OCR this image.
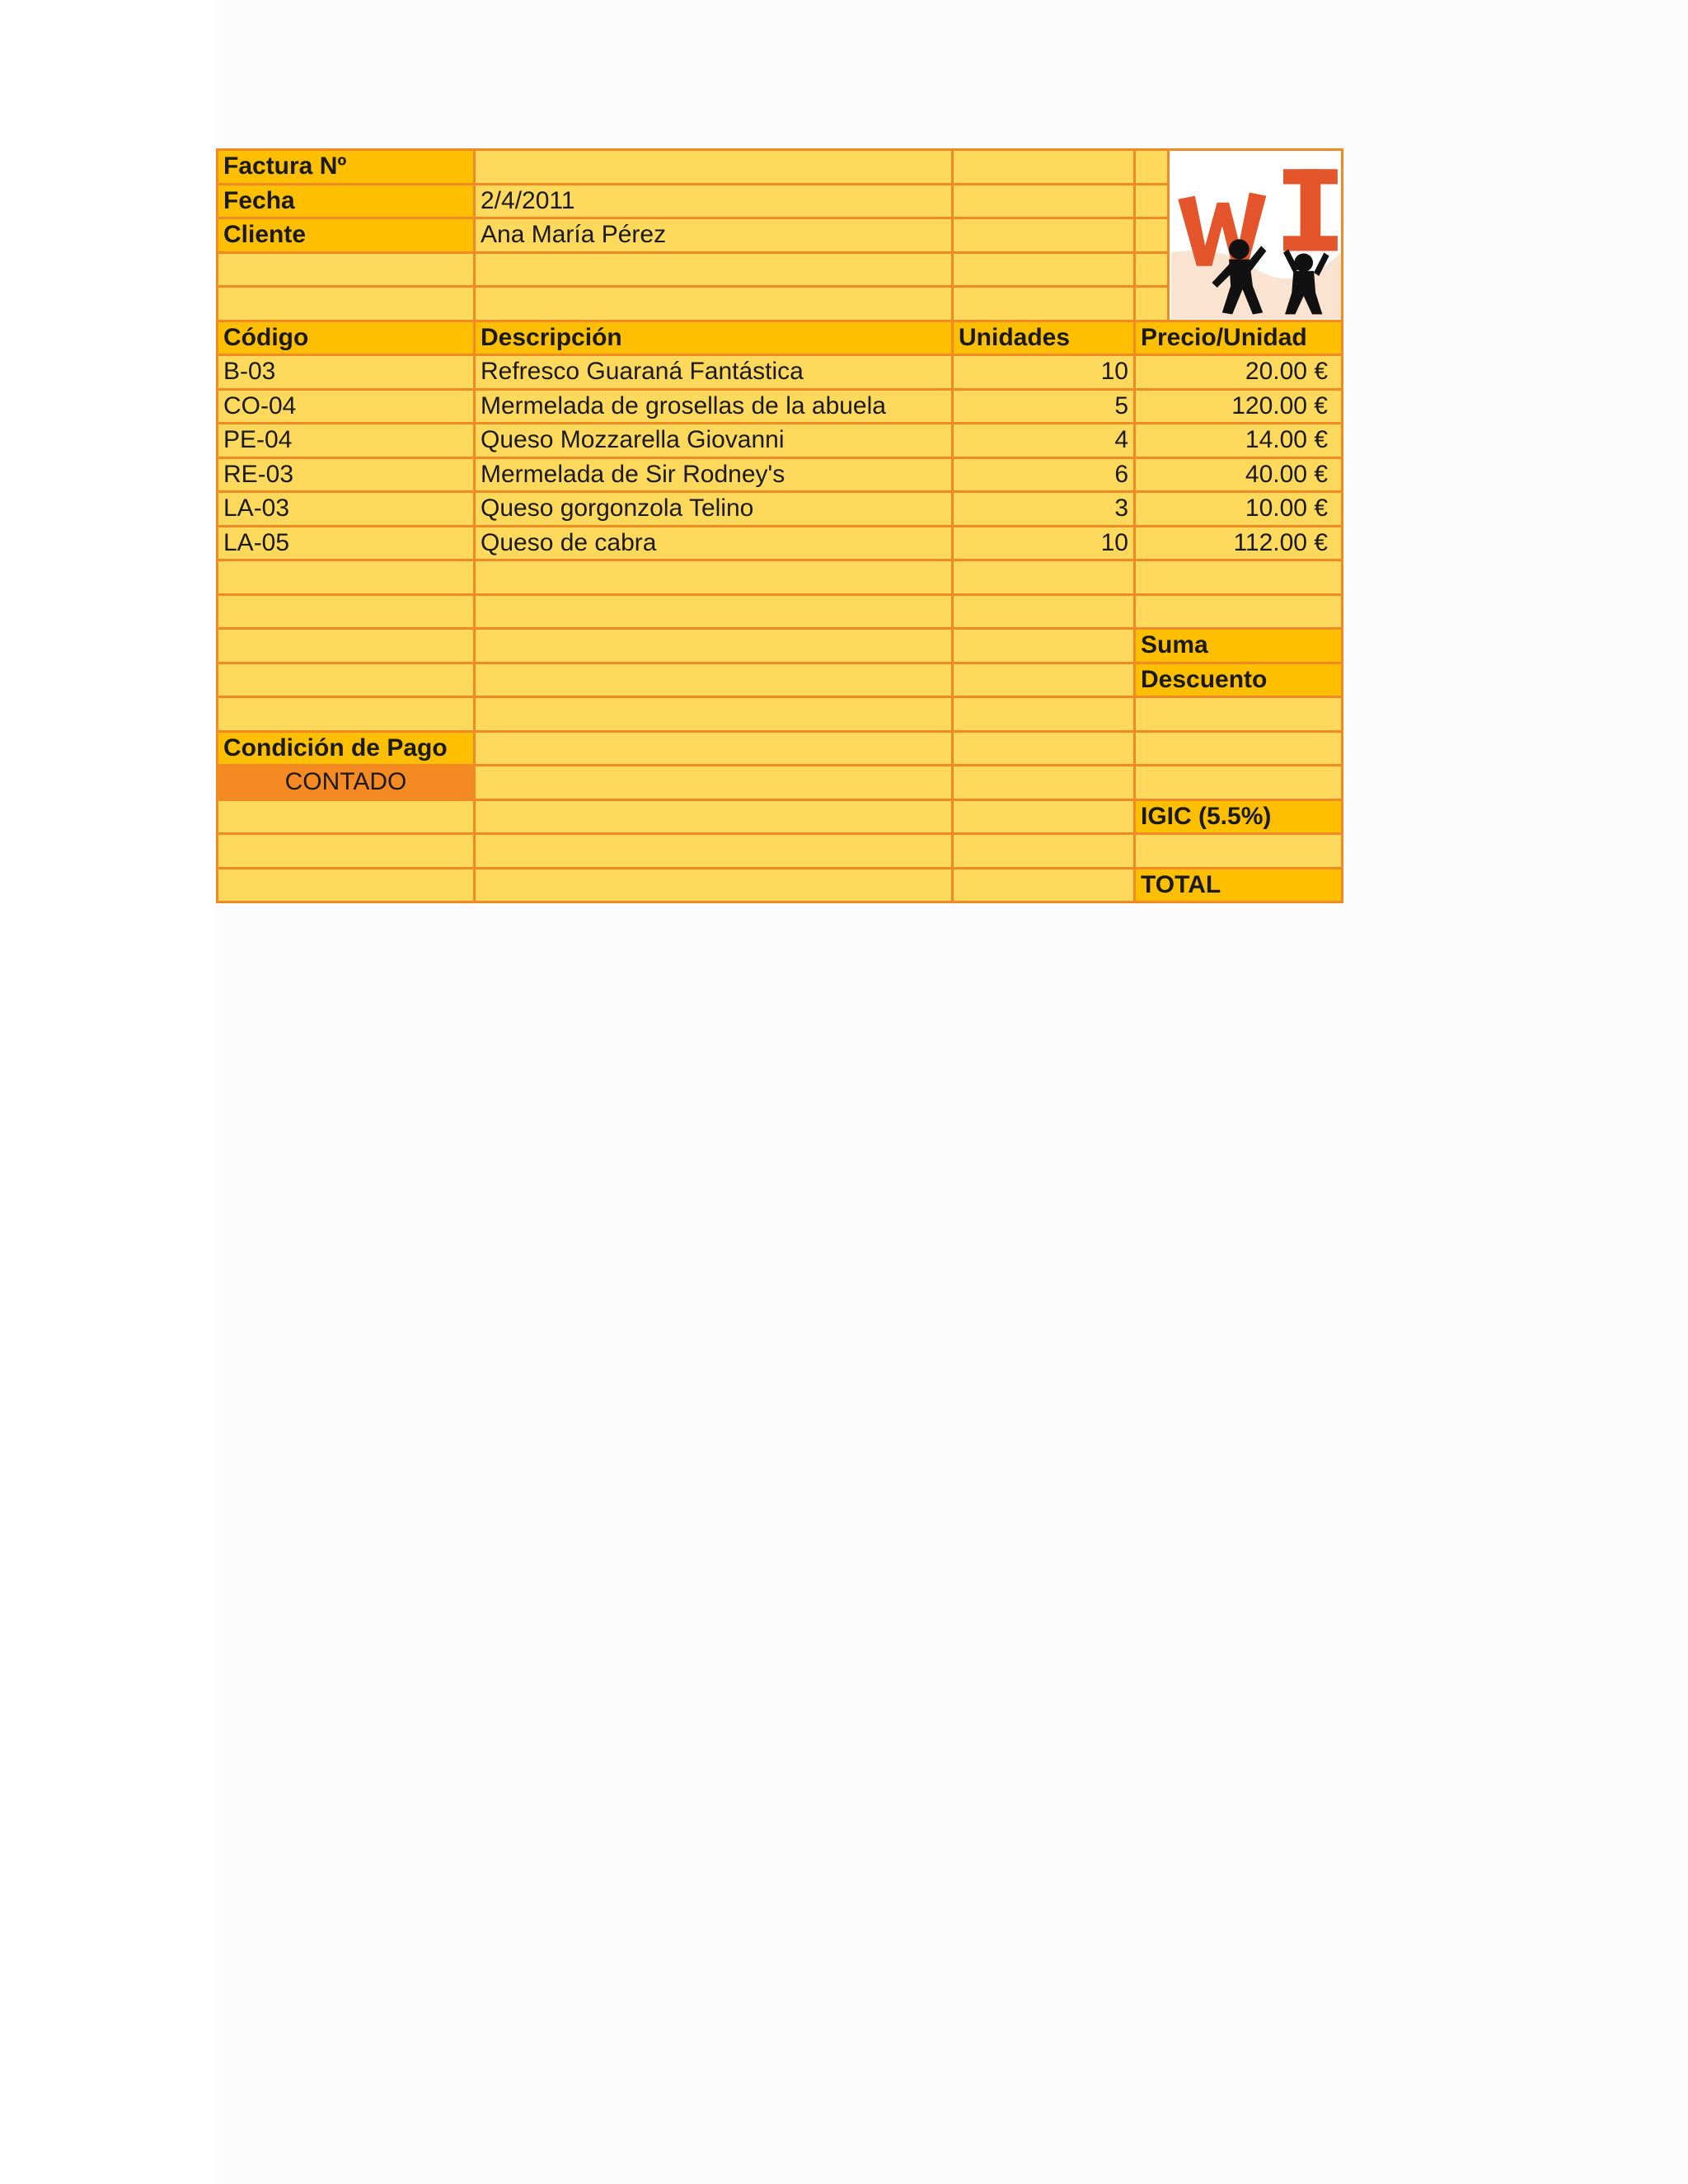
Factura Nº				

Fecha	2/4/2011			
Cliente	Ana María Pérez			

Código	Descripción	Unidades	Precio/Unidad	
B-03	Refresco Guaraná Fantástica	10	20.00 €	
CO-04	Mermelada de grosellas de la abuela	5	120.00 €	
PE-04	Queso Mozzarella Giovanni	4	14.00 €	
RE-03	Mermelada de Sir Rodney's	6	40.00 €	
LA-03	Queso gorgonzola Telino	3	10.00 €	
LA-05	Queso de cabra	10	112.00 €	

			Suma	
			Descuento	

Condición de Pago				
CONTADO				
			IGIC (5.5%)	

			TOTAL	
